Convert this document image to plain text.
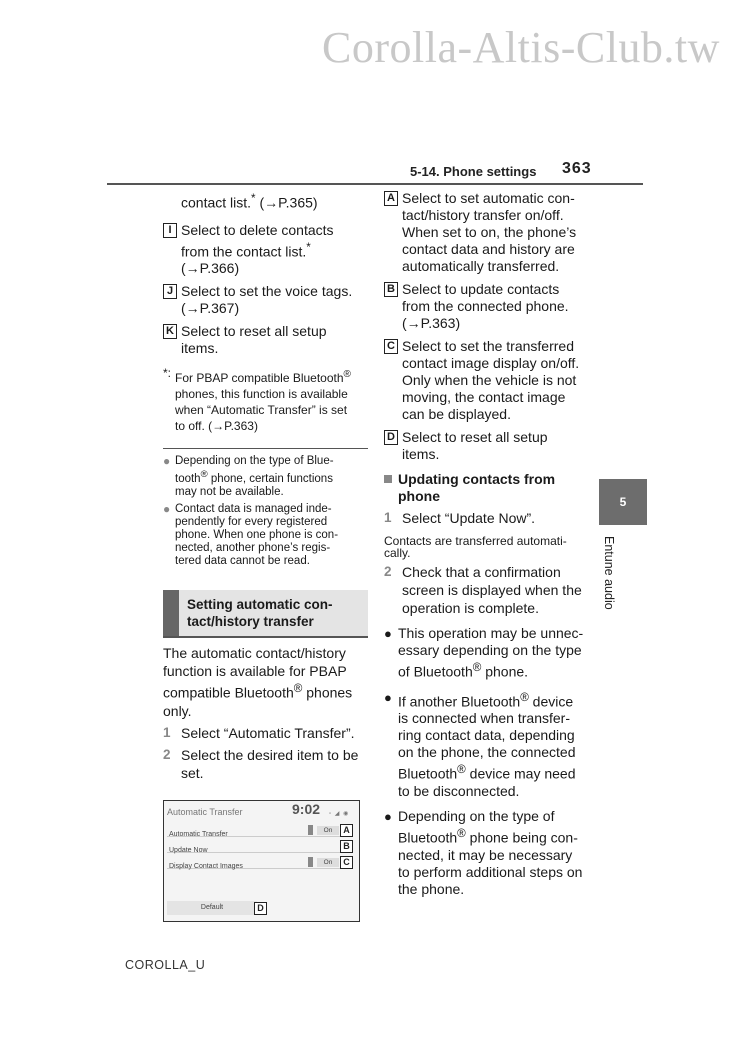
Corolla-Altis-Club.tw
5-14. Phone settings 363
contact list.* (→P.365)
I Select to delete contacts
from the contact list.*
(→P.366)
J Select to set the voice tags.
(→P.367)
K Select to reset all setup
items.
*: For PBAP compatible Bluetooth®
phones, this function is available
when “Automatic Transfer” is set
to off. (→P.363)
● Depending on the type of Blue-
tooth® phone, certain functions
may not be available.
● Contact data is managed inde-
pendently for every registered
phone. When one phone is con-
nected, another phone’s regis-
tered data cannot be read.
Setting automatic con-
tact/history transfer
The automatic contact/history
function is available for PBAP
compatible Bluetooth® phones
only.
1 Select “Automatic Transfer”.
2 Select the desired item to be
set.
Automatic Transfer	9:02 ▫ ◢ ◉
Automatic Transfer
On	A
Update Now	B
Display Contact Images
On	C
Default	D
A Select to set automatic con-
tact/history transfer on/off.
When set to on, the phone’s
contact data and history are
automatically transferred.
B Select to update contacts
from the connected phone.
(→P.363)
C Select to set the transferred
contact image display on/off.
Only when the vehicle is not
moving, the contact image
can be displayed.
D Select to reset all setup
items.
Updating contacts from
phone
1 Select “Update Now”.
Contacts are transferred automati-
cally.
2 Check that a confirmation
screen is displayed when the
operation is complete.
● This operation may be unnec-
essary depending on the type
of Bluetooth® phone.
● If another Bluetooth® device
is connected when transfer-
ring contact data, depending
on the phone, the connected
Bluetooth® device may need
to be disconnected.
● Depending on the type of
Bluetooth® phone being con-
nected, it may be necessary
to perform additional steps on
the phone.
5
Entune audio
COROLLA_U
